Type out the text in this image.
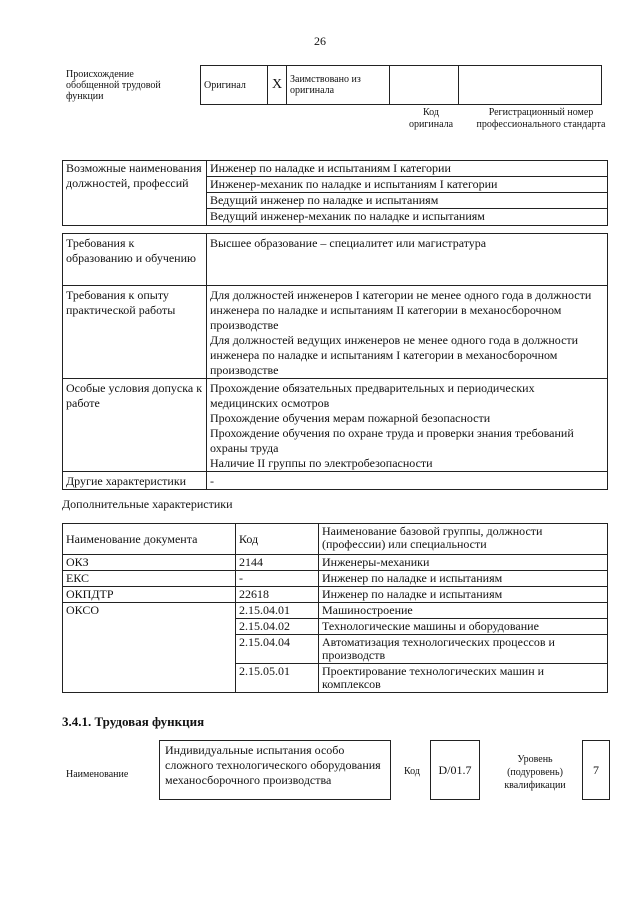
26
Происхождение обобщенной трудовой функции
Оригинал	X	Заимствовано из оригинала		
Код оригинала
Регистрационный номер профессионального стандарта
Возможные наименования должностей, профессий	
Инженер по наладке и испытаниям I категории
Инженер-механик по наладке и испытаниям I категории
Ведущий инженер по наладке и испытаниям
Ведущий инженер-механик по наладке и испытаниям
Требования к образованию и обучению	Высшее образование – специалитет или магистратура
Требования к опыту практической работы	Для должностей инженеров I категории не менее одного года в должности инженера по наладке и испытаниям II категории в механосборочном производстве
Для должностей ведущих инженеров не менее одного года в должности инженера по наладке и испытаниям I категории в механосборочном производстве

Особые условия допуска к работе	Прохождение обязательных предварительных и периодических медицинских осмотров
Прохождение обучения мерам пожарной безопасности
Прохождение обучения по охране труда и проверки знания требований охраны труда
Наличие II группы по электробезопасности

Другие характеристики	-
Дополнительные характеристики
Наименование документа	Код	Наименование базовой группы, должности (профессии) или специальности
ОКЗ	2144	Инженеры-механики
ЕКС	-	Инженер по наладке и испытаниям
ОКПДТР	22618	Инженер по наладке и испытаниям
ОКСО	2.15.04.01	Машиностроение
	2.15.04.02	Технологические машины и оборудование
	2.15.04.04	Автоматизация технологических процессов и производств
	2.15.05.01	Проектирование технологических машин и комплексов
3.4.1. Трудовая функция
Наименование
Индивидуальные испытания особо сложного технологического оборудования механосборочного производства
Код	D/01.7
Уровень (подуровень) квалификации
7
